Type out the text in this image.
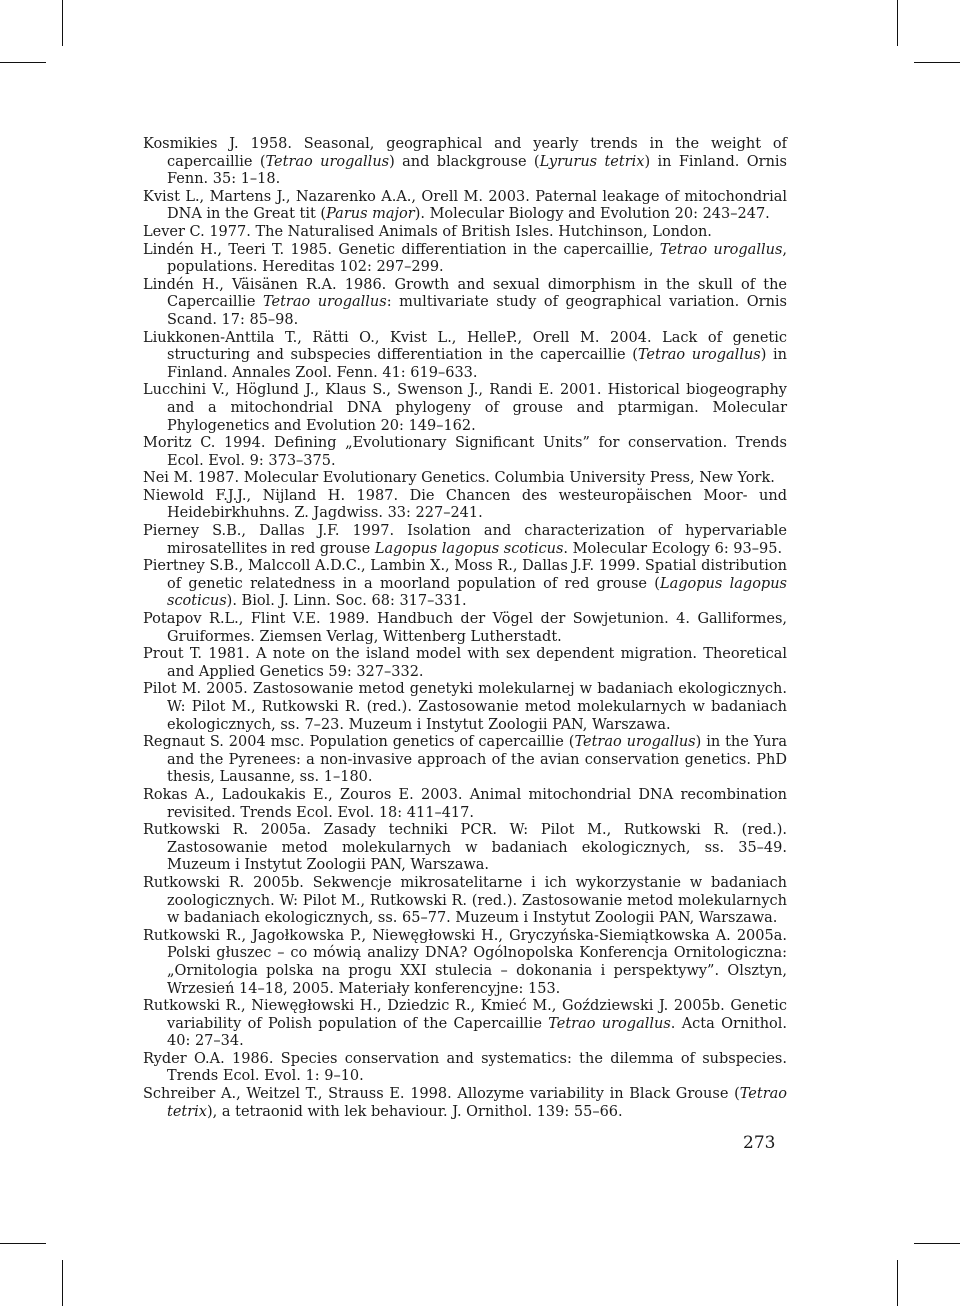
Kosmikies J. 1958. Seasonal, geographical and yearly trends in the weight of capercaillie (Tetrao urogallus) and blackgrouse (Lyrurus tetrix) in Finland. Ornis Fenn. 35: 1–18.

Kvist L., Martens J., Nazarenko A.A., Orell M. 2003. Paternal leakage of mitochondrial DNA in the Great tit (Parus major). Molecular Biology and Evolution 20: 243–247.

Lever C. 1977. The Naturalised Animals of British Isles. Hutchinson, London.

Lindén H., Teeri T. 1985. Genetic differentiation in the capercaillie, Tetrao urogallus, populations. Hereditas 102: 297–299.

Lindén H., Väisänen R.A. 1986. Growth and sexual dimorphism in the skull of the Capercaillie Tetrao urogallus: multivariate study of geographical variation. Ornis Scand. 17: 85–98.

Liukkonen-Anttila T., Rätti O., Kvist L., HelleP., Orell M. 2004. Lack of genetic structuring and subspecies differentiation in the capercaillie (Tetrao urogallus) in Finland. Annales Zool. Fenn. 41: 619–633.

Lucchini V., Höglund J., Klaus S., Swenson J., Randi E. 2001. Historical biogeography and a mitochondrial DNA phylogeny of grouse and ptarmigan. Molecular Phylogenetics and Evolution 20: 149–162.

Moritz C. 1994. Defining „Evolutionary Significant Units” for conservation. Trends Ecol. Evol. 9: 373–375.

Nei M. 1987. Molecular Evolutionary Genetics. Columbia University Press, New York.

Niewold F.J.J., Nijland H. 1987. Die Chancen des westeuropäischen Moor- und Heidebirkhuhns. Z. Jagdwiss. 33: 227–241.

Pierney S.B., Dallas J.F. 1997. Isolation and characterization of hypervariable mirosatellites in red grouse Lagopus lagopus scoticus. Molecular Ecology 6: 93–95.

Piertney S.B., Malccoll A.D.C., Lambin X., Moss R., Dallas J.F. 1999. Spatial distribution of genetic relatedness in a moorland population of red grouse (Lagopus lagopus scoticus). Biol. J. Linn. Soc. 68: 317–331.

Potapov R.L., Flint V.E. 1989. Handbuch der Vögel der Sowjetunion. 4. Galliformes, Gruiformes. Ziemsen Verlag, Wittenberg Lutherstadt.

Prout T. 1981. A note on the island model with sex dependent migration. Theoretical and Applied Genetics 59: 327–332.

Pilot M. 2005. Zastosowanie metod genetyki molekularnej w badaniach ekologicznych. W: Pilot M., Rutkowski R. (red.). Zastosowanie metod molekularnych w badaniach ekologicznych, ss. 7–23. Muzeum i Instytut Zoologii PAN, Warszawa.

Regnaut S. 2004 msc. Population genetics of capercaillie (Tetrao urogallus) in the Yura and the Pyrenees: a non-invasive approach of the avian conservation genetics. PhD thesis, Lausanne, ss. 1–180.

Rokas A., Ladoukakis E., Zouros E. 2003. Animal mitochondrial DNA recombination revisited. Trends Ecol. Evol. 18: 411–417.

Rutkowski R. 2005a. Zasady techniki PCR. W: Pilot M., Rutkowski R. (red.). Zastosowanie metod molekularnych w badaniach ekologicznych, ss. 35–49. Muzeum i Instytut Zoologii PAN, Warszawa.

Rutkowski R. 2005b. Sekwencje mikrosatelitarne i ich wykorzystanie w badaniach zoologicznych. W: Pilot M., Rutkowski R. (red.). Zastosowanie metod molekularnych w badaniach ekologicznych, ss. 65–77. Muzeum i Instytut Zoologii PAN, Warszawa.

Rutkowski R., Jagołkowska P., Niewęgłowski H., Gryczyńska-Siemiątkowska A. 2005a. Polski głuszec – co mówią analizy DNA? Ogólnopolska Konferencja Ornitologiczna: „Ornitologia polska na progu XXI stulecia – dokonania i perspektywy”. Olsztyn, Wrzesień 14–18, 2005. Materiały konferencyjne: 153.

Rutkowski R., Niewęgłowski H., Dziedzic R., Kmieć M., Goździewski J. 2005b. Genetic variability of Polish population of the Capercaillie Tetrao urogallus. Acta Ornithol. 40: 27–34.

Ryder O.A. 1986. Species conservation and systematics: the dilemma of subspecies. Trends Ecol. Evol. 1: 9–10.

Schreiber A., Weitzel T., Strauss E. 1998. Allozyme variability in Black Grouse (Tetrao tetrix), a tetraonid with lek behaviour. J. Ornithol. 139: 55–66.

273
